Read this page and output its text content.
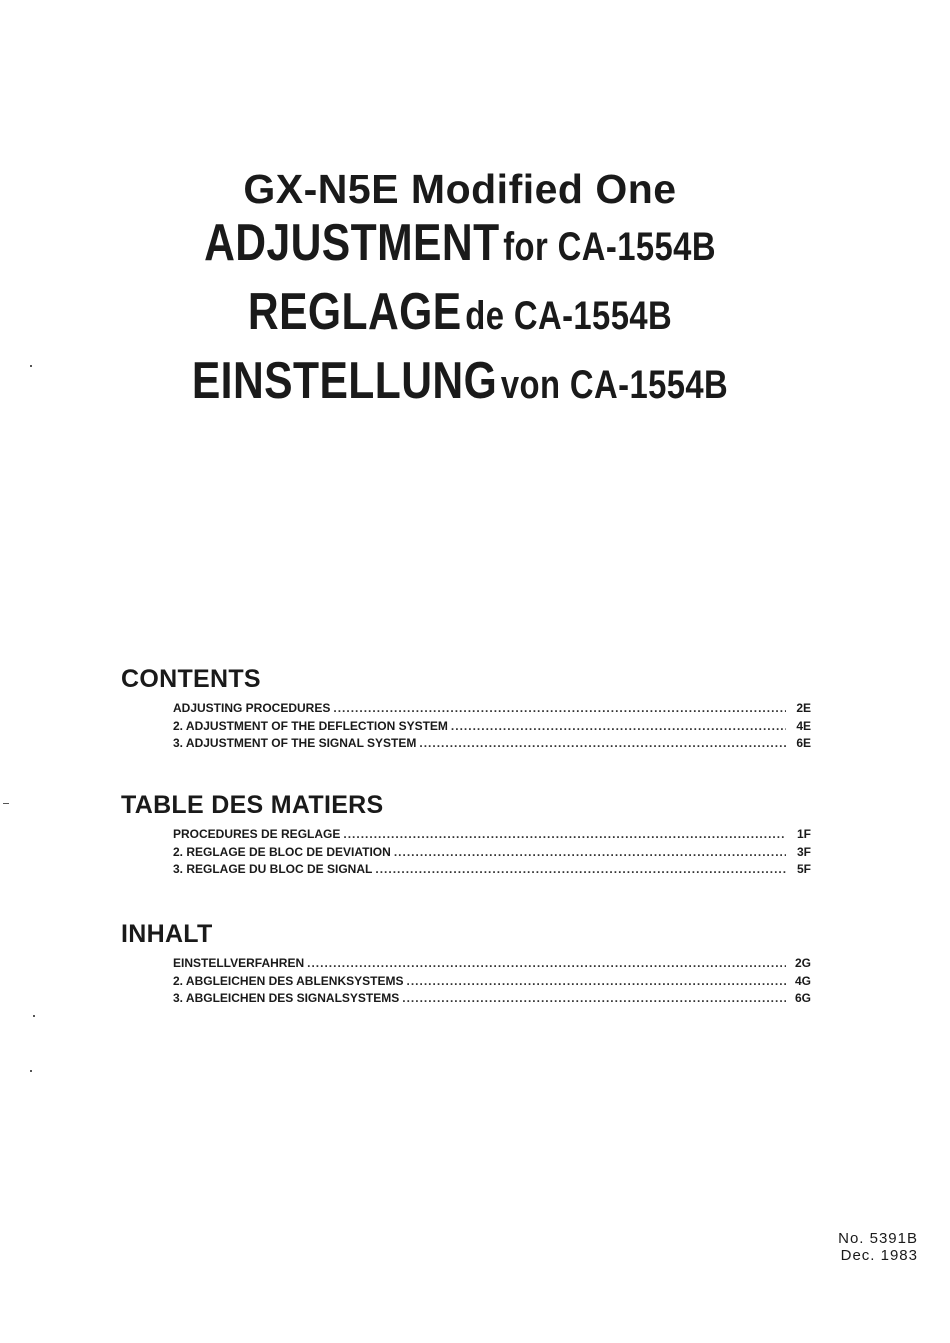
GX-N5E Modified One
ADJUSTMENT for CA-1554B
REGLAGE de CA-1554B
EINSTELLUNG von CA-1554B
CONTENTS
ADJUSTING PROCEDURES .....	2E
2. ADJUSTMENT OF THE DEFLECTION SYSTEM .....	4E
3. ADJUSTMENT OF THE SIGNAL SYSTEM .....	6E
TABLE DES MATIERS
PROCEDURES DE REGLAGE .....	1F
2. REGLAGE DE BLOC DE DEVIATION .....	3F
3. REGLAGE DU BLOC DE SIGNAL .....	5F
INHALT
EINSTELLVERFAHREN .....	2G
2. ABGLEICHEN DES ABLENKSYSTEMS .....	4G
3. ABGLEICHEN DES SIGNALSYSTEMS .....	6G
No. 5391B
Dec. 1983
